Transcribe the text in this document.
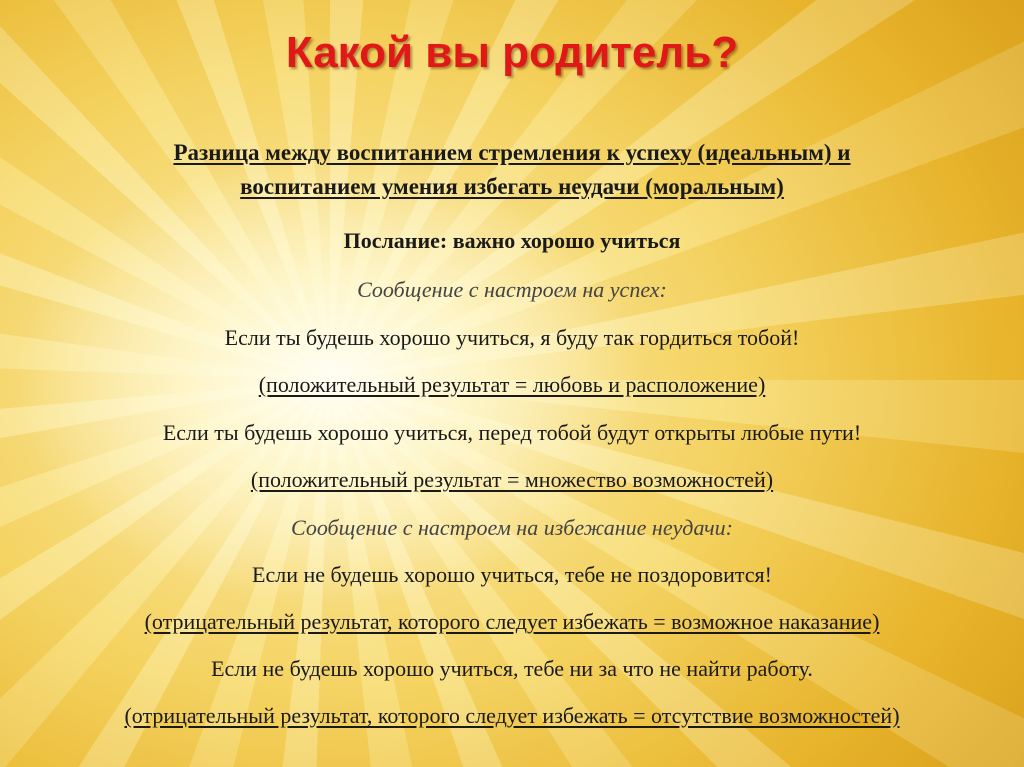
Какой вы родитель?
Разница между воспитанием стремления к успеху (идеальным) и
воспитанием умения избегать неудачи (моральным)
Послание: важно хорошо учиться
Сообщение с настроем на успех:
Если ты будешь хорошо учиться, я буду так гордиться тобой!
(положительный результат = любовь и расположение)
Если ты будешь хорошо учиться, перед тобой будут открыты любые пути!
(положительный результат = множество возможностей)
Сообщение с настроем на избежание неудачи:
Если не будешь хорошо учиться, тебе не поздоровится!
(отрицательный результат, которого следует избежать = возможное наказание)
Если не будешь хорошо учиться, тебе ни за что не найти работу.
(отрицательный результат, которого следует избежать = отсутствие возможностей)
